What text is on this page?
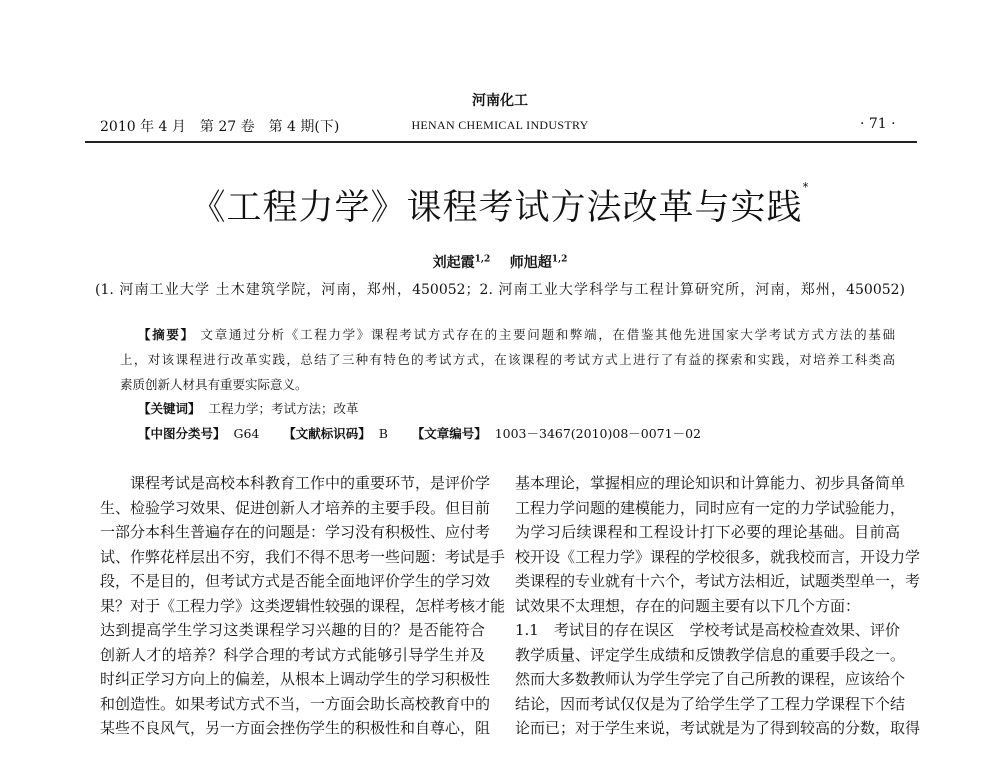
河南化工
2010 年 4 月　第 27 卷　第 4 期(下)	HENAN CHEMICAL INDUSTRY	· 71 ·
《工程力学》课程考试方法改革与实践*
刘起霞$^{1,2}$ 师旭超$^{1,2}$
(1. 河南工业大学 土木建筑学院，河南，郑州，450052；2. 河南工业大学科学与工程计算研究所，河南，郑州，450052)
【摘要】 文章通过分析《工程力学》课程考试方式存在的主要问题和弊端，在借鉴其他先进国家大学考试方式方法的基础
上，对该课程进行改革实践，总结了三种有特色的考试方式，在该课程的考试方式上进行了有益的探索和实践，对培养工科类高
素质创新人材具有重要实际意义。
【关键词】 工程力学；考试方法；改革
【中图分类号】 G64 【文献标识码】 B 【文章编号】 1003－3467(2010)08－0071－02
课程考试是高校本科教育工作中的重要环节，是评价学
生、检验学习效果、促进创新人才培养的主要手段。但目前
一部分本科生普遍存在的问题是：学习没有积极性、应付考
试、作弊花样层出不穷，我们不得不思考一些问题：考试是手
段，不是目的，但考试方式是否能全面地评价学生的学习效
果？对于《工程力学》这类逻辑性较强的课程，怎样考核才能
达到提高学生学习这类课程学习兴趣的目的？是否能符合
创新人才的培养？科学合理的考试方式能够引导学生并及
时纠正学习方向上的偏差，从根本上调动学生的学习积极性
和创造性。如果考试方式不当，一方面会助长高校教育中的
某些不良风气，另一方面会挫伤学生的积极性和自尊心，阻
基本理论，掌握相应的理论知识和计算能力、初步具备简单
工程力学问题的建模能力，同时应有一定的力学试验能力，
为学习后续课程和工程设计打下必要的理论基础。目前高
校开设《工程力学》课程的学校很多，就我校而言，开设力学
类课程的专业就有十六个，考试方法相近，试题类型单一，考
试效果不太理想，存在的问题主要有以下几个方面：
1.1　考试目的存在误区　学校考试是高校检查效果、评价
教学质量、评定学生成绩和反馈教学信息的重要手段之一。
然而大多数教师认为学生学完了自己所教的课程，应该给个
结论，因而考试仅仅是为了给学生学了工程力学课程下个结
论而已；对于学生来说，考试就是为了得到较高的分数，取得
